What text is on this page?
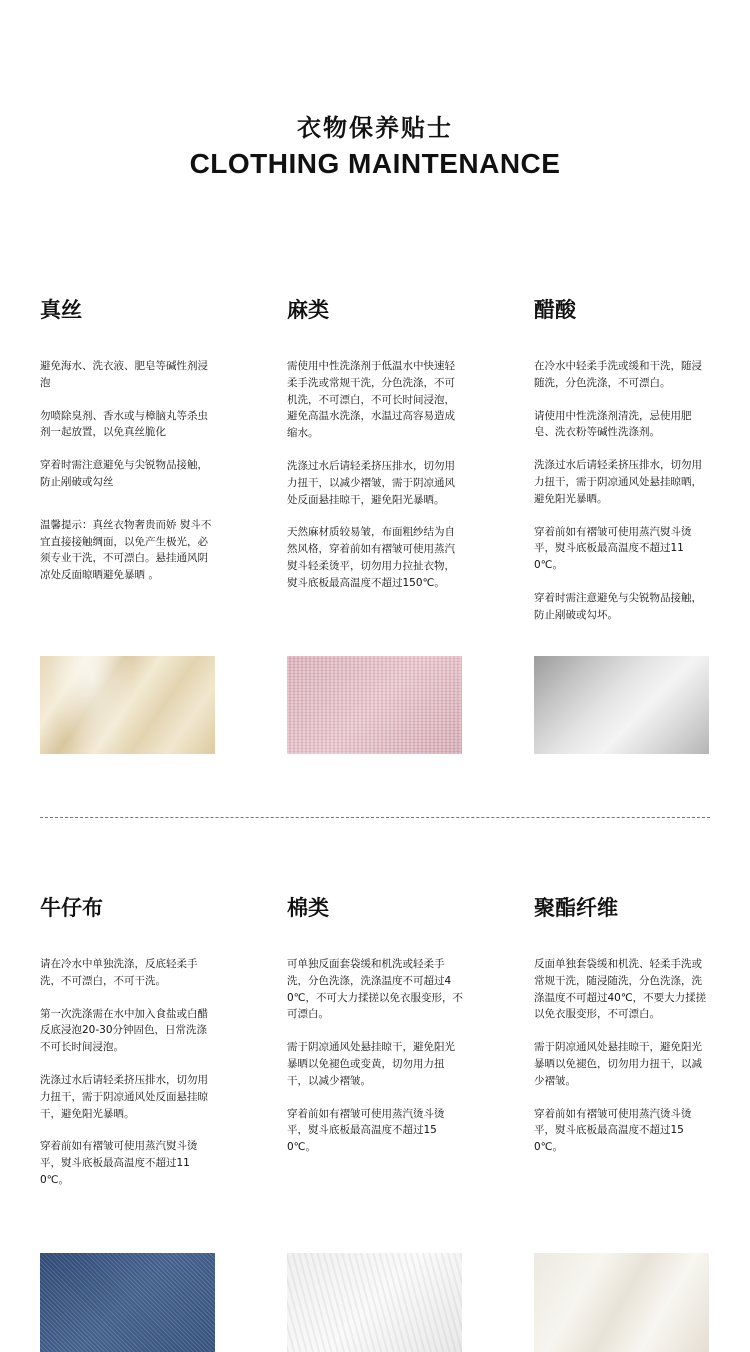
衣物保养贴士
CLOTHING MAINTENANCE
真丝

避免海水、洗衣液、肥皂等碱性剂浸泡

勿喷除臭剂、香水或与樟脑丸等杀虫剂一起放置，以免真丝脆化

穿着时需注意避免与尖锐物品接触，防止剐破或勾丝

温馨提示：真丝衣物奢贵而娇 熨斗不宜直接接触绸面，以免产生极光，必须专业干洗，不可漂白。悬挂通风阴凉处反面晾晒避免暴晒 。

麻类

需使用中性洗涤剂于低温水中快速轻柔手洗或常规干洗，分色洗涤，不可机洗，不可漂白，不可长时间浸泡，避免高温水洗涤，水温过高容易造成缩水。

洗涤过水后请轻柔挤压排水，切勿用力扭干，以减少褶皱，需于阴凉通风处反面悬挂晾干，避免阳光暴晒。

天然麻材质较易皱，布面粗纱结为自然风格，穿着前如有褶皱可使用蒸汽熨斗轻柔烫平，切勿用力拉扯衣物，熨斗底板最高温度不超过150℃。

醋酸

在冷水中轻柔手洗或缓和干洗，随浸随洗，分色洗涤，不可漂白。

请使用中性洗涤剂清洗，忌使用肥皂、洗衣粉等碱性洗涤剂。

洗涤过水后请轻柔挤压排水，切勿用力扭干，需于阴凉通风处悬挂晾晒，避免阳光暴晒。

穿着前如有褶皱可使用蒸汽熨斗烫平，熨斗底板最高温度不超过110℃。

穿着时需注意避免与尖锐物品接触，防止剐破或勾坏。

牛仔布

请在冷水中单独洗涤，反底轻柔手洗，不可漂白，不可干洗。

第一次洗涤需在水中加入食盐或白醋反底浸泡20-30分钟固色，日常洗涤不可长时间浸泡。

洗涤过水后请轻柔挤压排水，切勿用力扭干，需于阴凉通风处反面悬挂晾干，避免阳光暴晒。

穿着前如有褶皱可使用蒸汽熨斗烫平，熨斗底板最高温度不超过110℃。

棉类

可单独反面套袋缓和机洗或轻柔手洗，分色洗涤，洗涤温度不可超过40℃，不可大力揉搓以免衣服变形，不可漂白。

需于阴凉通风处悬挂晾干，避免阳光暴晒以免褪色或变黄，切勿用力扭干，以减少褶皱。

穿着前如有褶皱可使用蒸汽烫斗烫平，熨斗底板最高温度不超过150℃。

聚酯纤维

反面单独套袋缓和机洗、轻柔手洗或常规干洗，随浸随洗，分色洗涤，洗涤温度不可超过40℃，不要大力揉搓以免衣服变形，不可漂白。

需于阴凉通风处悬挂晾干，避免阳光暴晒以免褪色，切勿用力扭干，以减少褶皱。

穿着前如有褶皱可使用蒸汽烫斗烫平，熨斗底板最高温度不超过150℃。
